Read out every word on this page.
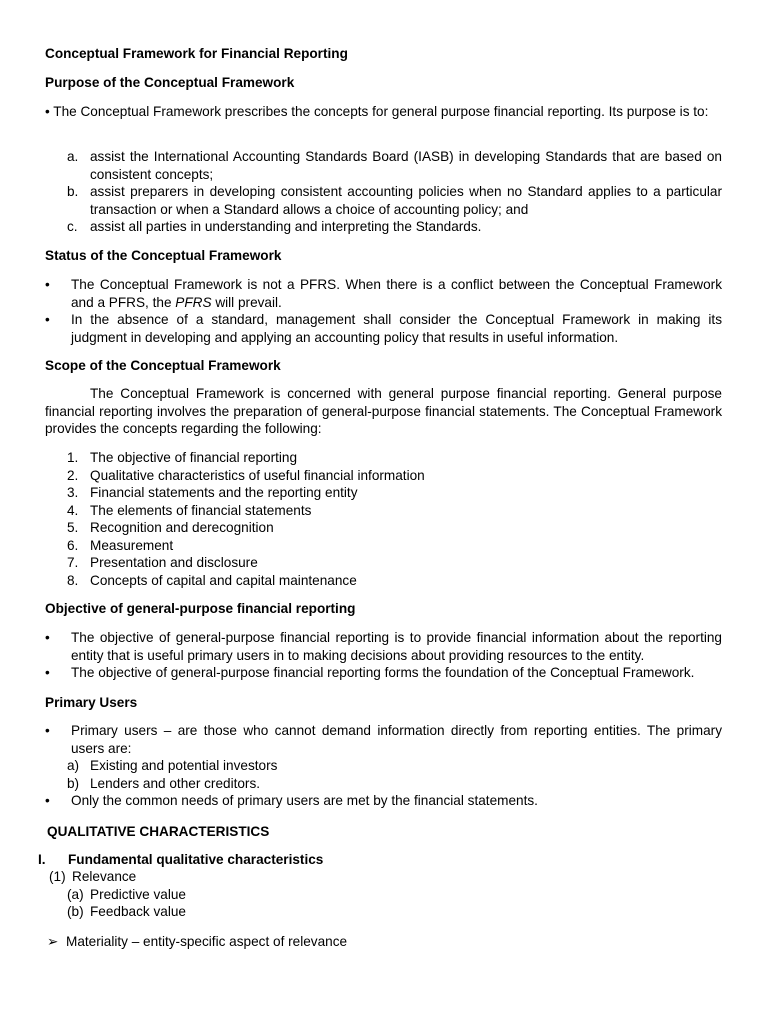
Conceptual Framework for Financial Reporting
Purpose of the Conceptual Framework
• The Conceptual Framework prescribes the concepts for general purpose financial reporting. Its purpose is to:
a. assist the International Accounting Standards Board (IASB) in developing Standards that are based on consistent concepts;
b. assist preparers in developing consistent accounting policies when no Standard applies to a particular transaction or when a Standard allows a choice of accounting policy; and
c. assist all parties in understanding and interpreting the Standards.
Status of the Conceptual Framework
•	The Conceptual Framework is not a PFRS. When there is a conflict between the Conceptual Framework and a PFRS, the PFRS will prevail.
•	In the absence of a standard, management shall consider the Conceptual Framework in making its judgment in developing and applying an accounting policy that results in useful information.
Scope of the Conceptual Framework
The Conceptual Framework is concerned with general purpose financial reporting. General purpose financial reporting involves the preparation of general-purpose financial statements. The Conceptual Framework provides the concepts regarding the following:
1. The objective of financial reporting
2. Qualitative characteristics of useful financial information
3. Financial statements and the reporting entity
4. The elements of financial statements
5. Recognition and derecognition
6. Measurement
7. Presentation and disclosure
8. Concepts of capital and capital maintenance
Objective of general-purpose financial reporting
•	The objective of general-purpose financial reporting is to provide financial information about the reporting entity that is useful primary users in to making decisions about providing resources to the entity.
•	The objective of general-purpose financial reporting forms the foundation of the Conceptual Framework.
Primary Users
•	Primary users – are those who cannot demand information directly from reporting entities. The primary users are:
a) Existing and potential investors
b) Lenders and other creditors.
•	Only the common needs of primary users are met by the financial statements.
QUALITATIVE CHARACTERISTICS
I.	Fundamental qualitative characteristics
(1) Relevance
(a) Predictive value
(b) Feedback value
➢ Materiality – entity-specific aspect of relevance
